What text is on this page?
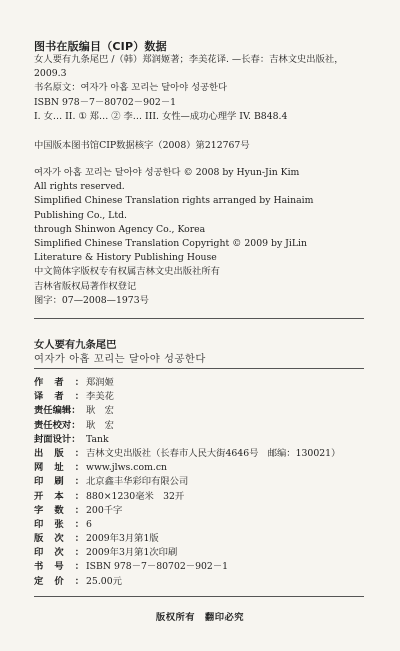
图书在版编目（CIP）数据
女人要有九条尾巴 /（韩）郑润姬著；李美花译. —长春：吉林文史出版社，
2009.3
书名原文：여자가 아홉 꼬리는 달아야 성공한다
ISBN 978－7－80702－902－1
I. 女… II. ① 郑… ② 李… III. 女性—成功心理学 IV. B848.4
中国版本图书馆CIP数据核字（2008）第212767号
여자가 아홉 꼬리는 달아야 성공한다 © 2008 by Hyun-Jin Kim
All rights reserved.
Simplified Chinese Translation rights arranged by Hainaim
Publishing Co., Ltd.
through Shinwon Agency Co., Korea
Simplified Chinese Translation Copyright © 2009 by JiLin
Literature & History Publishing House
中文简体字版权专有权属吉林文史出版社所有
吉林省版权局著作权登记
图字：07—2008—1973号
女人要有九条尾巴
여자가 아홉 꼬리는 달아야 성공한다
作 者 ： 郑润姬
译 者 ： 李美花
责任编辑 ： 耿　宏
责任校对 ： 耿　宏
封面设计 ： Tank
出 版 ： 吉林文史出版社（长春市人民大街4646号　邮编：130021）
网 址 ： www.jlws.com.cn
印 刷 ： 北京鑫丰华彩印有限公司
开 本 ： 880×1230毫米　32开
字 数 ： 200千字
印 张 ： 6
版 次 ： 2009年3月第1版
印 次 ： 2009年3月第1次印刷
书 号 ： ISBN 978－7－80702－902－1
定 价 ： 25.00元
版权所有　翻印必究
